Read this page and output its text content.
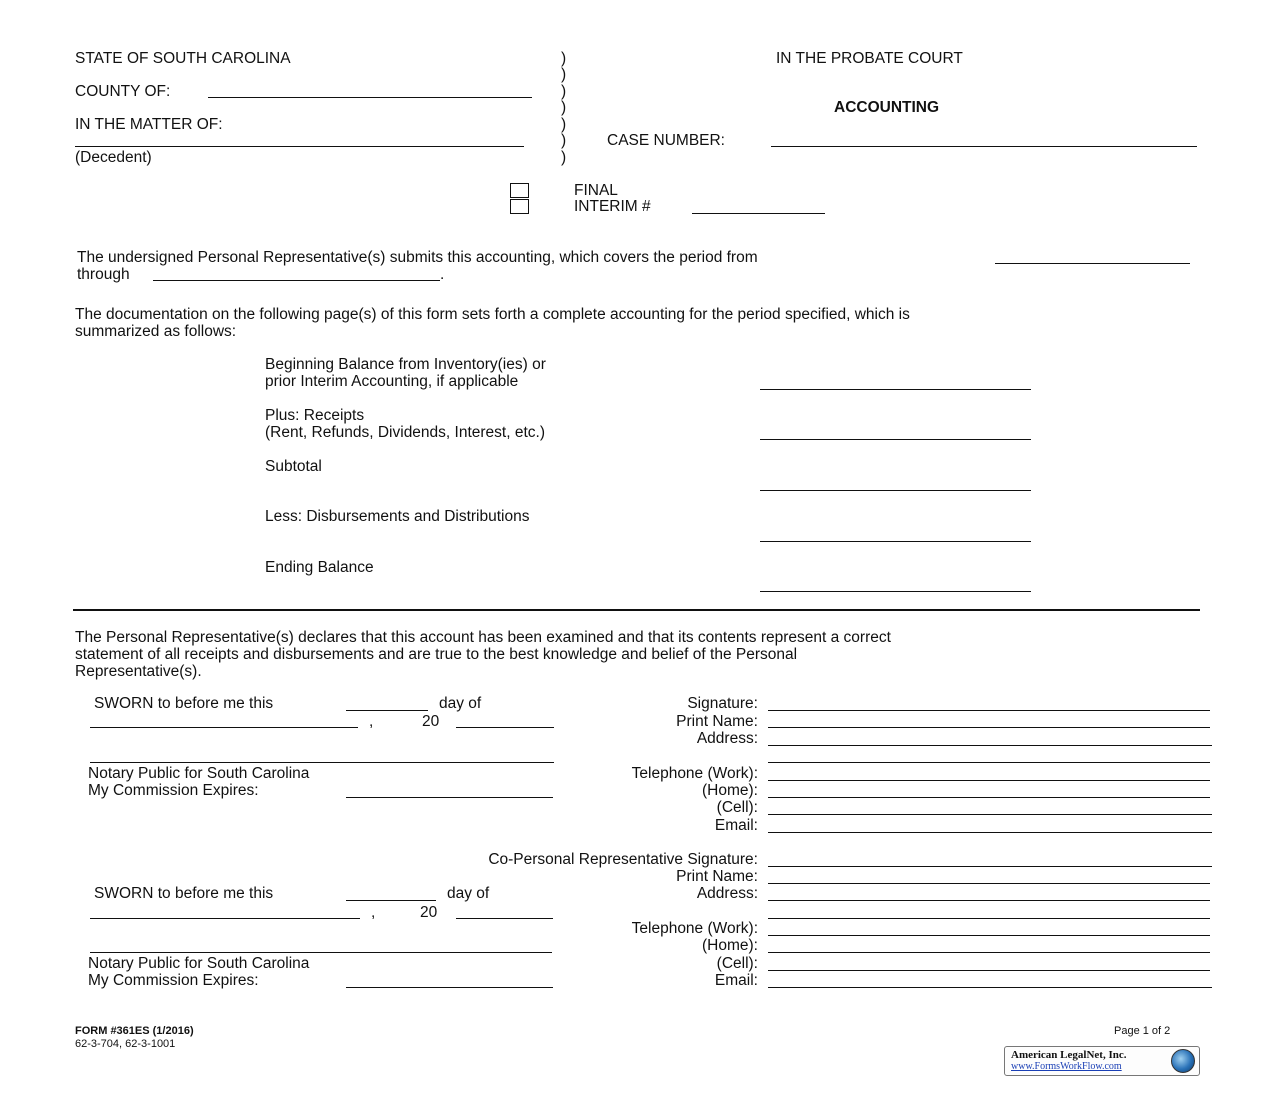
STATE OF SOUTH CAROLINA
COUNTY OF:
IN THE MATTER OF:
(Decedent)
)
)
)
)
)
)
)
IN THE PROBATE COURT
ACCOUNTING
CASE NUMBER:
FINAL
INTERIM #
The undersigned Personal Representative(s) submits this accounting, which covers the period from
through	.
The documentation on the following page(s) of this form sets forth a complete accounting for the period specified, which is
summarized as follows:
Beginning Balance from Inventory(ies) or
prior Interim Accounting, if applicable
Plus: Receipts
(Rent, Refunds, Dividends, Interest, etc.)
Subtotal
Less: Disbursements and Distributions
Ending Balance
The Personal Representative(s) declares that this account has been examined and that its contents represent a correct
statement of all receipts and disbursements and are true to the best knowledge and belief of the Personal
Representative(s).
SWORN to before me this	day of
,	20
Notary Public for South Carolina
My Commission Expires:
Signature:
Print Name:
Address:
Telephone (Work):
(Home):
(Cell):
Email:
Co-Personal Representative Signature:
Print Name:
Address:
Telephone (Work):
(Home):
(Cell):
Email:
SWORN to before me this	day of
,	20
Notary Public for South Carolina
My Commission Expires:
FORM #361ES (1/2016)
62-3-704, 62-3-1001
Page 1 of 2
American LegalNet, Inc.
www.FormsWorkFlow.com
